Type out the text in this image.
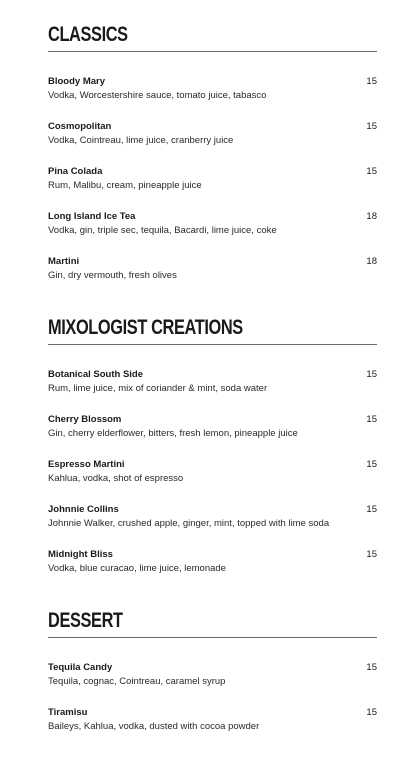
CLASSICS
Bloody Mary	15
Vodka, Worcestershire sauce, tomato juice, tabasco
Cosmopolitan	15
Vodka, Cointreau, lime juice, cranberry juice
Pina Colada	15
Rum, Malibu, cream, pineapple juice
Long Island Ice Tea	18
Vodka, gin, triple sec, tequila, Bacardi, lime juice, coke
Martini	18
Gin, dry vermouth, fresh olives
MIXOLOGIST CREATIONS
Botanical South Side	15
Rum, lime juice, mix of coriander & mint, soda water
Cherry Blossom	15
Gin, cherry elderflower, bitters, fresh lemon, pineapple juice
Espresso Martini	15
Kahlua, vodka, shot of espresso
Johnnie Collins	15
Johnnie Walker, crushed apple, ginger, mint, topped with lime soda
Midnight Bliss	15
Vodka, blue curacao, lime juice, lemonade
DESSERT
Tequila Candy	15
Tequila, cognac, Cointreau, caramel syrup
Tiramisu	15
Baileys, Kahlua, vodka, dusted with cocoa powder
